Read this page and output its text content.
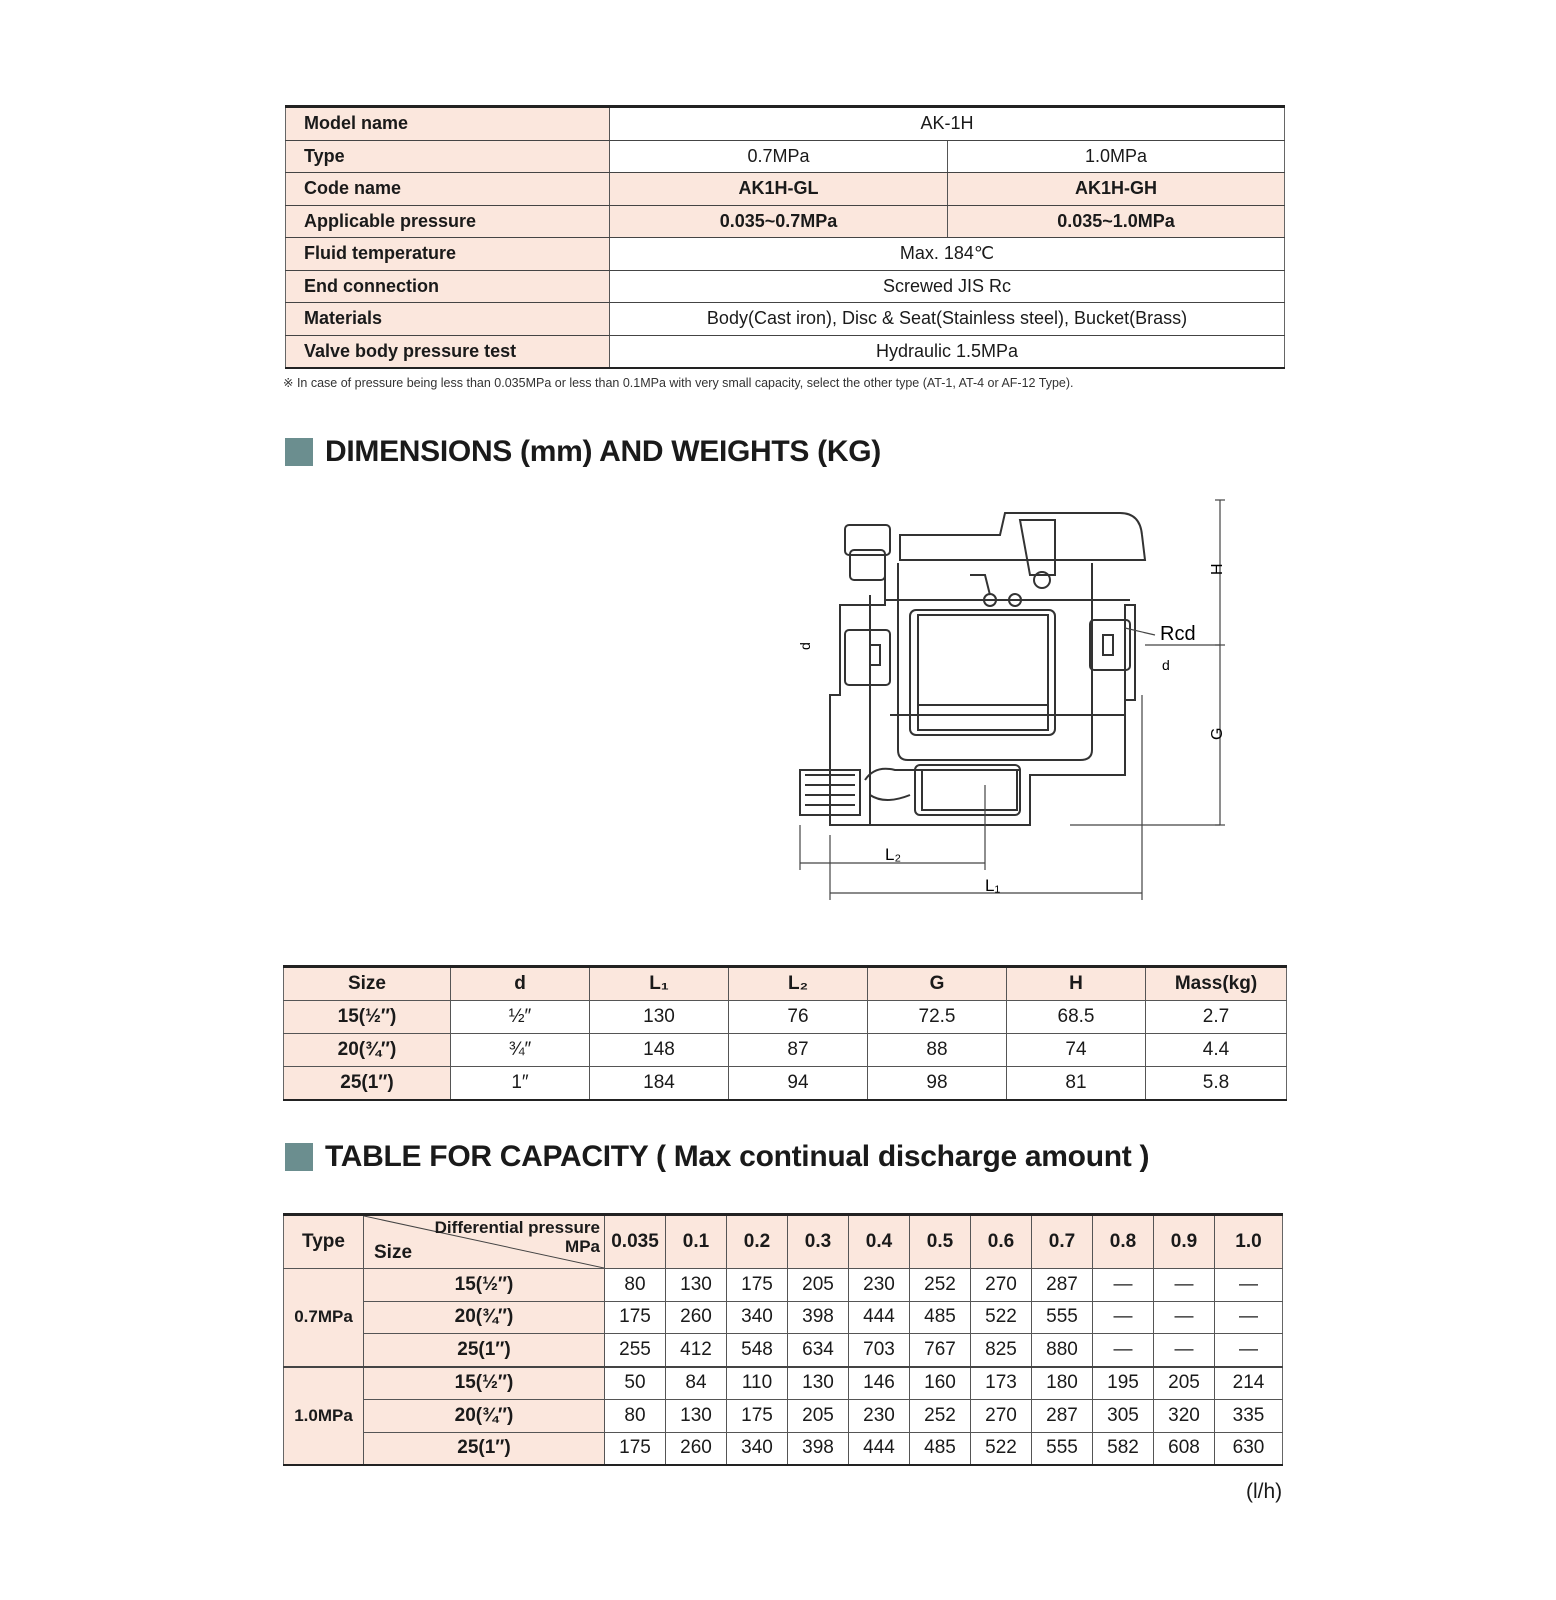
Model name	AK-1H	
Type	0.7MPa	1.0MPa
Code name	AK1H-GL	AK1H-GH
Applicable pressure	0.035~0.7MPa	0.035~1.0MPa
Fluid temperature	Max. 184℃	
End connection	Screwed JIS Rc	
Materials	Body(Cast iron), Disc & Seat(Stainless steel), Bucket(Brass)	
Valve body pressure test	Hydraulic 1.5MPa	
※ In case of pressure being less than 0.035MPa or less than 0.1MPa with very small capacity, select the other type (AT-1, AT-4 or AF-12 Type).
DIMENSIONS (mm) AND WEIGHTS (KG)
H
G
Rcd
d
d
L₂
L₁
Size	d	L₁	L₂	G	H	Mass(kg)
15(½″)	½″	130	76	72.5	68.5	2.7
20(¾″)	¾″	148	87	88	74	4.4
25(1″)	1″	184	94	98	81	5.8
TABLE FOR CAPACITY ( Max continual discharge amount )
Type	Differential pressure
MPa
Size	0.035	0.1	0.2	0.3	0.4	0.5	0.6	0.7	0.8	0.9	1.0
0.7MPa	15(½″)	80	130	175	205	230	252	270	287	—	—	—
	20(¾″)	175	260	340	398	444	485	522	555	—	—	—
	25(1″)	255	412	548	634	703	767	825	880	—	—	—
1.0MPa	15(½″)	50	84	110	130	146	160	173	180	195	205	214
	20(¾″)	80	130	175	205	230	252	270	287	305	320	335
	25(1″)	175	260	340	398	444	485	522	555	582	608	630
(l/h)
